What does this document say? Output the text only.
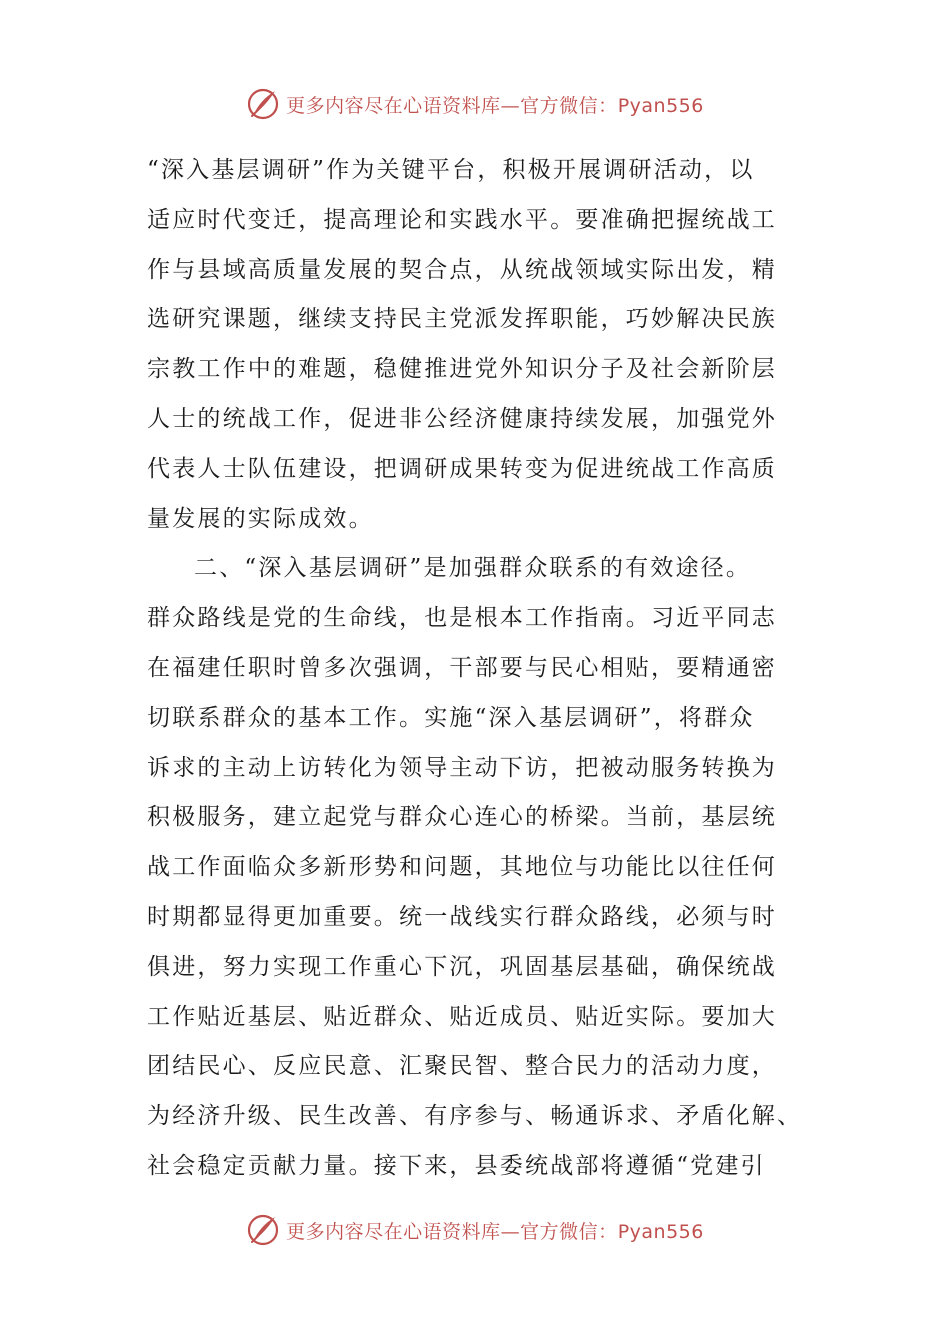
更多内容尽在心语资料库—官方微信：Pyan556
“深入基层调研”作为关键平台，积极开展调研活动，以
适应时代变迁，提高理论和实践水平。要准确把握统战工
作与县域高质量发展的契合点，从统战领域实际出发，精
选研究课题，继续支持民主党派发挥职能，巧妙解决民族
宗教工作中的难题，稳健推进党外知识分子及社会新阶层
人士的统战工作，促进非公经济健康持续发展，加强党外
代表人士队伍建设，把调研成果转变为促进统战工作高质
量发展的实际成效。
二、“深入基层调研”是加强群众联系的有效途径。
群众路线是党的生命线，也是根本工作指南。习近平同志
在福建任职时曾多次强调，干部要与民心相贴，要精通密
切联系群众的基本工作。实施“深入基层调研”，将群众
诉求的主动上访转化为领导主动下访，把被动服务转换为
积极服务，建立起党与群众心连心的桥梁。当前，基层统
战工作面临众多新形势和问题，其地位与功能比以往任何
时期都显得更加重要。统一战线实行群众路线，必须与时
俱进，努力实现工作重心下沉，巩固基层基础，确保统战
工作贴近基层、贴近群众、贴近成员、贴近实际。要加大
团结民心、反应民意、汇聚民智、整合民力的活动力度，
为经济升级、民生改善、有序参与、畅通诉求、矛盾化解、
社会稳定贡献力量。接下来，县委统战部将遵循“党建引
更多内容尽在心语资料库—官方微信：Pyan556
